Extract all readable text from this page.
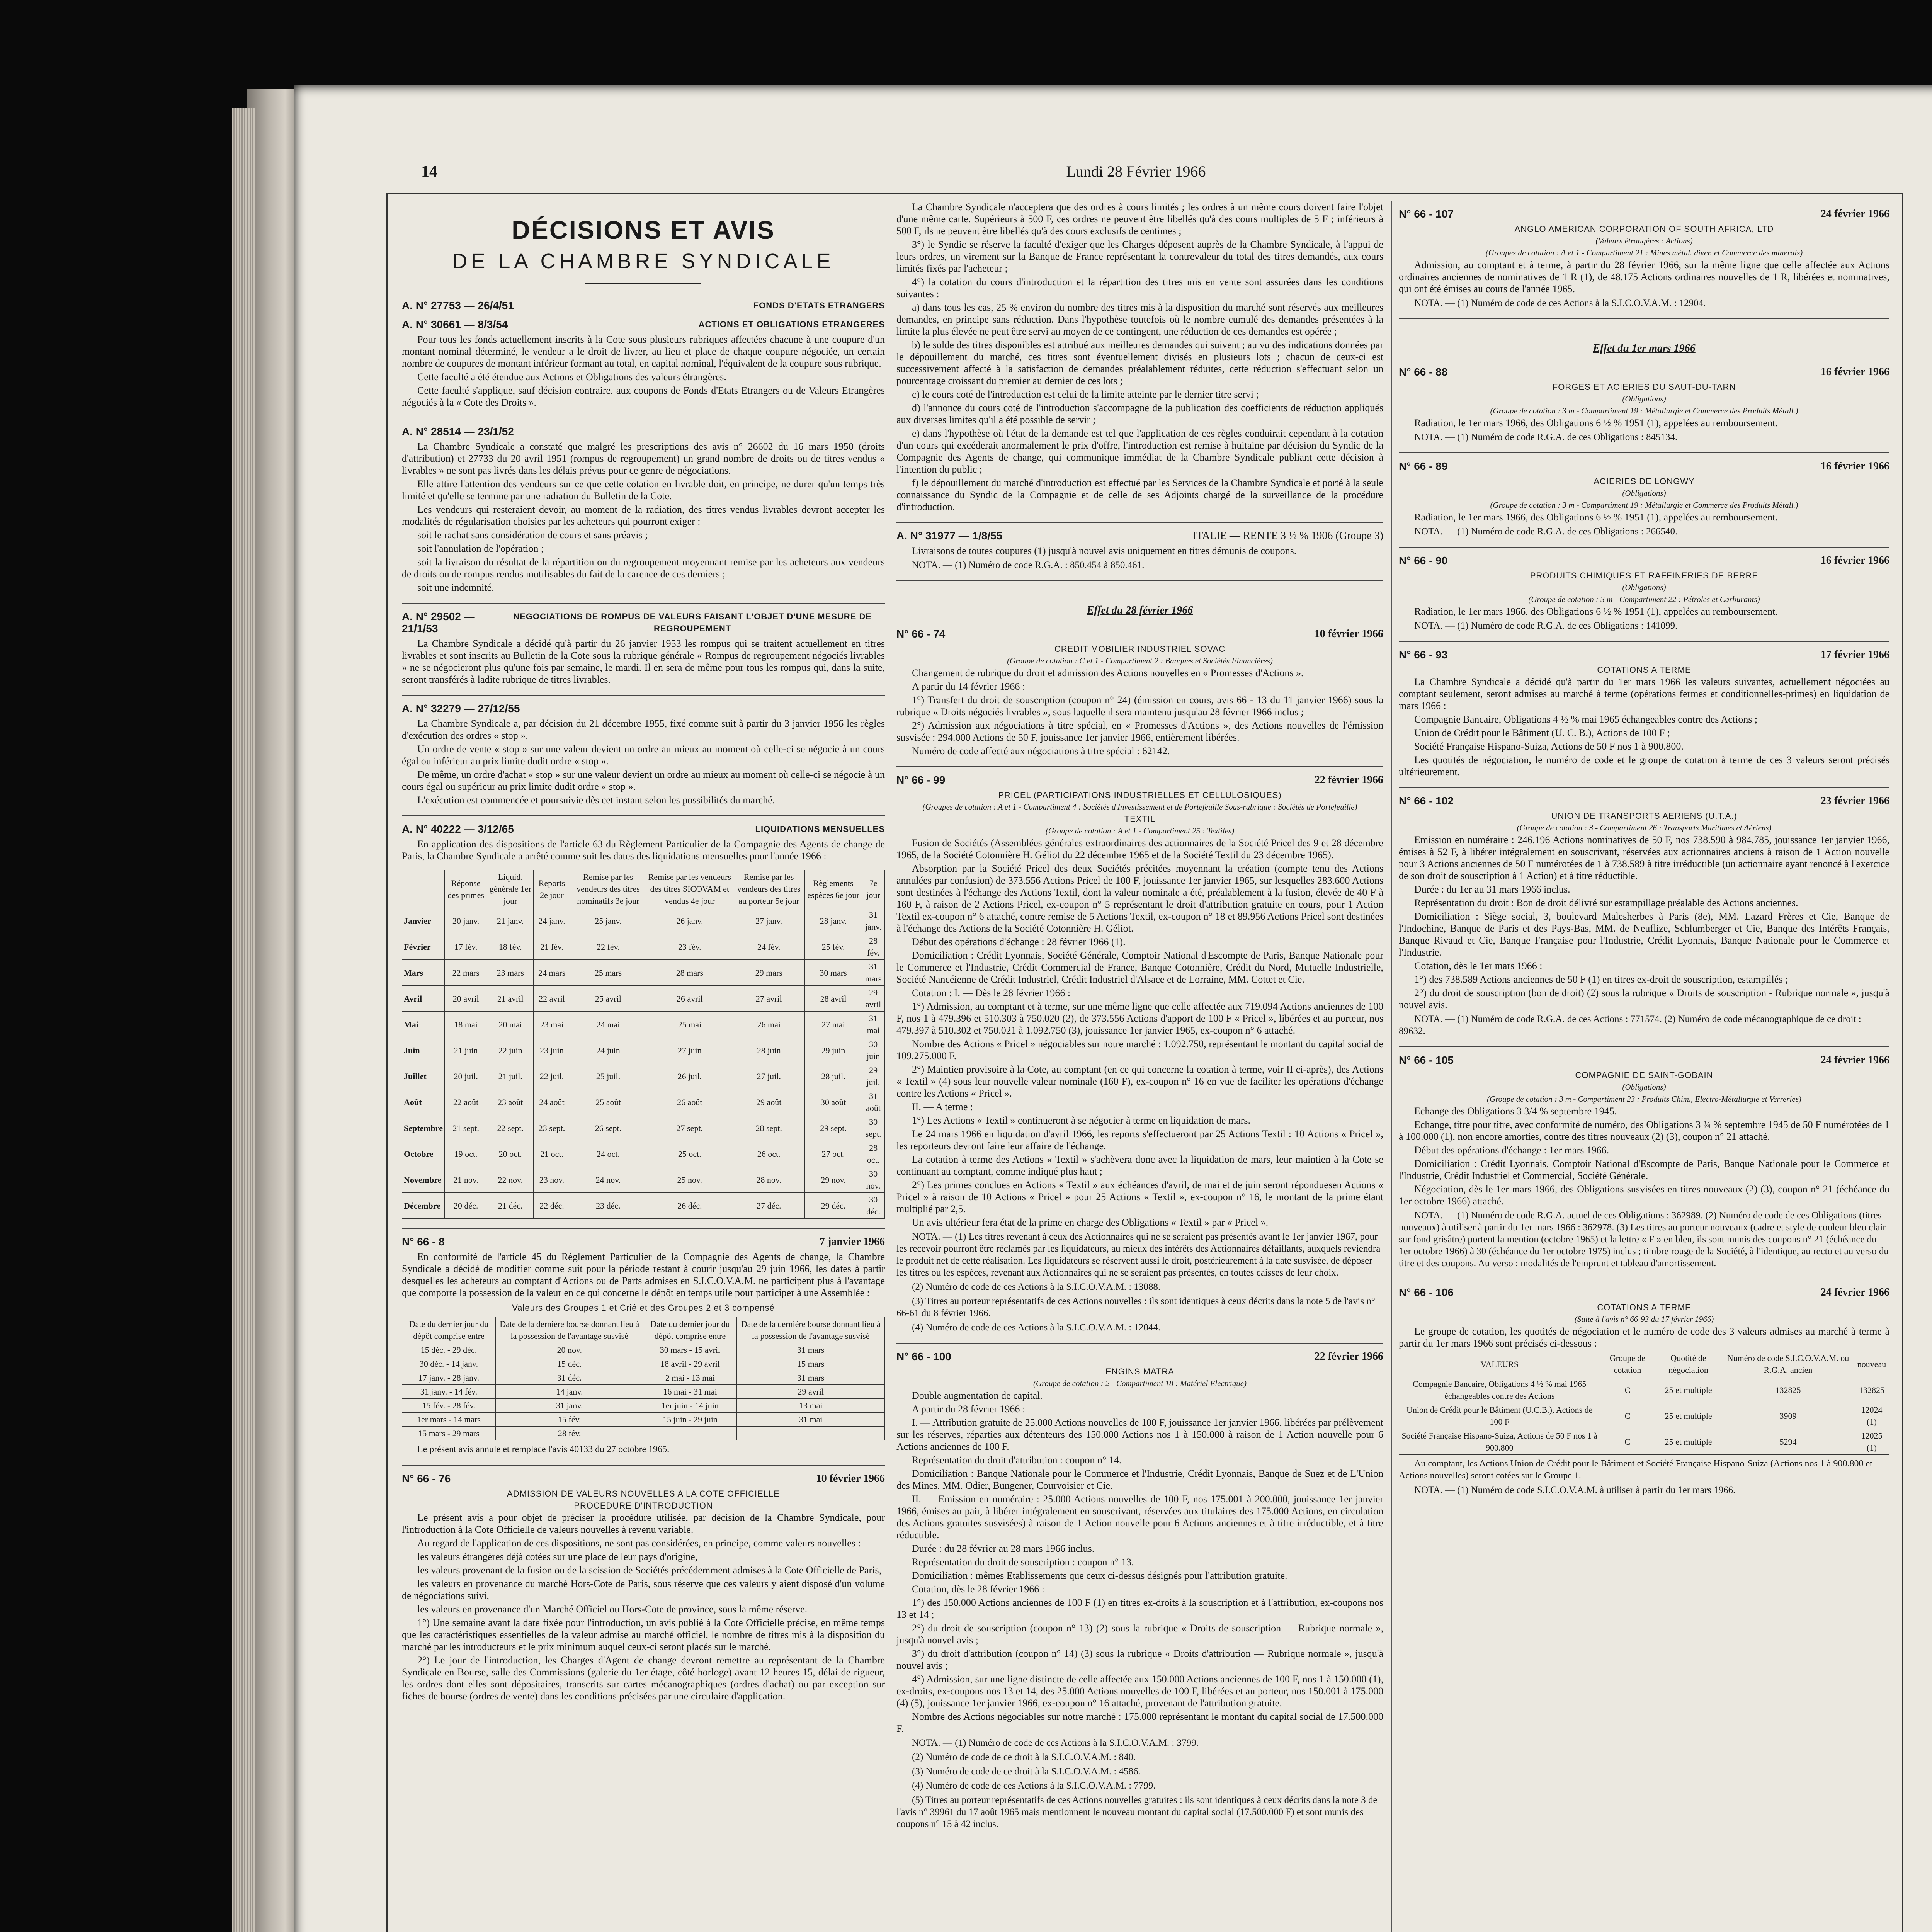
14	Lundi 28 Février 1966
DÉCISIONS ET AVIS
DE LA CHAMBRE SYNDICALE
A. N° 27753 — 26/4/51	FONDS D'ETATS ETRANGERS
A. N° 30661 — 8/3/54	ACTIONS ET OBLIGATIONS ETRANGERES

Pour tous les fonds actuellement inscrits à la Cote sous plusieurs rubriques affectées chacune à une coupure d'un montant nominal déterminé, le vendeur a le droit de livrer, au lieu et place de chaque coupure négociée, un certain nombre de coupures de montant inférieur formant au total, en capital nominal, l'équivalent de la coupure sous rubrique.

Cette faculté a été étendue aux Actions et Obligations des valeurs étrangères.

Cette faculté s'applique, sauf décision contraire, aux coupons de Fonds d'Etats Etrangers ou de Valeurs Etrangères négociés à la « Cote des Droits ».

A. N° 28514 — 23/1/52

La Chambre Syndicale a constaté que malgré les prescriptions des avis n° 26602 du 16 mars 1950 (droits d'attribution) et 27733 du 20 avril 1951 (rompus de regroupement) un grand nombre de droits ou de titres vendus « livrables » ne sont pas livrés dans les délais prévus pour ce genre de négociations.

Elle attire l'attention des vendeurs sur ce que cette cotation en livrable doit, en principe, ne durer qu'un temps très limité et qu'elle se termine par une radiation du Bulletin de la Cote.

Les vendeurs qui resteraient devoir, au moment de la radiation, des titres vendus livrables devront accepter les modalités de régularisation choisies par les acheteurs qui pourront exiger :

soit le rachat sans considération de cours et sans préavis ;

soit l'annulation de l'opération ;

soit la livraison du résultat de la répartition ou du regroupement moyennant remise par les acheteurs aux vendeurs de droits ou de rompus rendus inutilisables du fait de la carence de ces derniers ;

soit une indemnité.

A. N° 29502 — 21/1/53
NEGOCIATIONS DE ROMPUS DE VALEURS FAISANT L'OBJET D'UNE MESURE DE REGROUPEMENT

La Chambre Syndicale a décidé qu'à partir du 26 janvier 1953 les rompus qui se traitent actuellement en titres livrables et sont inscrits au Bulletin de la Cote sous la rubrique générale « Rompus de regroupement négociés livrables » ne se négocieront plus qu'une fois par semaine, le mardi. Il en sera de même pour tous les rompus qui, dans la suite, seront transférés à ladite rubrique de titres livrables.

A. N° 32279 — 27/12/55

La Chambre Syndicale a, par décision du 21 décembre 1955, fixé comme suit à partir du 3 janvier 1956 les règles d'exécution des ordres « stop ».

Un ordre de vente « stop » sur une valeur devient un ordre au mieux au moment où celle-ci se négocie à un cours égal ou inférieur au prix limite dudit ordre « stop ».

De même, un ordre d'achat « stop » sur une valeur devient un ordre au mieux au moment où celle-ci se négocie à un cours égal ou supérieur au prix limite dudit ordre « stop ».

L'exécution est commencée et poursuivie dès cet instant selon les possibilités du marché.

A. N° 40222 — 3/12/65	LIQUIDATIONS MENSUELLES

En application des dispositions de l'article 63 du Règlement Particulier de la Compagnie des Agents de change de Paris, la Chambre Syndicale a arrêté comme suit les dates des liquidations mensuelles pour l'année 1966 :

	Réponse des primes	Liquid. générale 1er jour	Reports 2e jour	Remise par les vendeurs des titres nominatifs 3e jour	Remise par les vendeurs des titres SICOVAM et vendus 4e jour	Remise par les vendeurs des titres au porteur 5e jour	Règlements espèces 6e jour	7e jour
Janvier	20 janv.	21 janv.	24 janv.	25 janv.	26 janv.	27 janv.	28 janv.	31 janv.
Février	17 fév.	18 fév.	21 fév.	22 fév.	23 fév.	24 fév.	25 fév.	28 fév.
Mars	22 mars	23 mars	24 mars	25 mars	28 mars	29 mars	30 mars	31 mars
Avril	20 avril	21 avril	22 avril	25 avril	26 avril	27 avril	28 avril	29 avril
Mai	18 mai	20 mai	23 mai	24 mai	25 mai	26 mai	27 mai	31 mai
Juin	21 juin	22 juin	23 juin	24 juin	27 juin	28 juin	29 juin	30 juin
Juillet	20 juil.	21 juil.	22 juil.	25 juil.	26 juil.	27 juil.	28 juil.	29 juil.
Août	22 août	23 août	24 août	25 août	26 août	29 août	30 août	31 août
Septembre	21 sept.	22 sept.	23 sept.	26 sept.	27 sept.	28 sept.	29 sept.	30 sept.
Octobre	19 oct.	20 oct.	21 oct.	24 oct.	25 oct.	26 oct.	27 oct.	28 oct.
Novembre	21 nov.	22 nov.	23 nov.	24 nov.	25 nov.	28 nov.	29 nov.	30 nov.
Décembre	20 déc.	21 déc.	22 déc.	23 déc.	26 déc.	27 déc.	29 déc.	30 déc.
N° 66 - 8	7 janvier 1966

En conformité de l'article 45 du Règlement Particulier de la Compagnie des Agents de change, la Chambre Syndicale a décidé de modifier comme suit pour la période restant à courir jusqu'au 29 juin 1966, les dates à partir desquelles les acheteurs au comptant d'Actions ou de Parts admises en S.I.C.O.V.A.M. ne participent plus à l'avantage que comporte la possession de la valeur en ce qui concerne le dépôt en temps utile pour participer à une Assemblée :

Valeurs des Groupes 1 et Crié et des Groupes 2 et 3 compensé
Date du dernier jour du dépôt comprise entre	Date de la dernière bourse donnant lieu à la possession de l'avantage susvisé	Date du dernier jour du dépôt comprise entre	Date de la dernière bourse donnant lieu à la possession de l'avantage susvisé
15 déc. - 29 déc.	20 nov.	30 mars - 15 avril	31 mars
30 déc. - 14 janv.	15 déc.	18 avril - 29 avril	15 mars
17 janv. - 28 janv.	31 déc.	2 mai - 13 mai	31 mars
31 janv. - 14 fév.	14 janv.	16 mai - 31 mai	29 avril
15 fév. - 28 fév.	31 janv.	1er juin - 14 juin	13 mai
1er mars - 14 mars	15 fév.	15 juin - 29 juin	31 mai
15 mars - 29 mars	28 fév.		
Le présent avis annule et remplace l'avis 40133 du 27 octobre 1965.
N° 66 - 76	10 février 1966
ADMISSION DE VALEURS NOUVELLES A LA COTE OFFICIELLE
PROCEDURE D'INTRODUCTION

Le présent avis a pour objet de préciser la procédure utilisée, par décision de la Chambre Syndicale, pour l'introduction à la Cote Officielle de valeurs nouvelles à revenu variable.

Au regard de l'application de ces dispositions, ne sont pas considérées, en principe, comme valeurs nouvelles :

les valeurs étrangères déjà cotées sur une place de leur pays d'origine,

les valeurs provenant de la fusion ou de la scission de Sociétés précédemment admises à la Cote Officielle de Paris,

les valeurs en provenance du marché Hors-Cote de Paris, sous réserve que ces valeurs y aient disposé d'un volume de négociations suivi,

les valeurs en provenance d'un Marché Officiel ou Hors-Cote de province, sous la même réserve.

1°) Une semaine avant la date fixée pour l'introduction, un avis publié à la Cote Officielle précise, en même temps que les caractéristiques essentielles de la valeur admise au marché officiel, le nombre de titres mis à la disposition du marché par les introducteurs et le prix minimum auquel ceux-ci seront placés sur le marché.

2°) Le jour de l'introduction, les Charges d'Agent de change devront remettre au représentant de la Chambre Syndicale en Bourse, salle des Commissions (galerie du 1er étage, côté horloge) avant 12 heures 15, délai de rigueur, les ordres dont elles sont dépositaires, transcrits sur cartes mécanographiques (ordres d'achat) ou par exception sur fiches de bourse (ordres de vente) dans les conditions précisées par une circulaire d'application.

La Chambre Syndicale n'acceptera que des ordres à cours limités ; les ordres à un même cours doivent faire l'objet d'une même carte. Supérieurs à 500 F, ces ordres ne peuvent être libellés qu'à des cours multiples de 5 F ; inférieurs à 500 F, ils ne peuvent être libellés qu'à des cours exclusifs de centimes ;

3°) le Syndic se réserve la faculté d'exiger que les Charges déposent auprès de la Chambre Syndicale, à l'appui de leurs ordres, un virement sur la Banque de France représentant la contrevaleur du total des titres demandés, aux cours limités fixés par l'acheteur ;

4°) la cotation du cours d'introduction et la répartition des titres mis en vente sont assurées dans les conditions suivantes :

a) dans tous les cas, 25 % environ du nombre des titres mis à la disposition du marché sont réservés aux meilleures demandes, en principe sans réduction. Dans l'hypothèse toutefois où le nombre cumulé des demandes présentées à la limite la plus élevée ne peut être servi au moyen de ce contingent, une réduction de ces demandes est opérée ;

b) le solde des titres disponibles est attribué aux meilleures demandes qui suivent ; au vu des indications données par le dépouillement du marché, ces titres sont éventuellement divisés en plusieurs lots ; chacun de ceux-ci est successivement affecté à la satisfaction de demandes préalablement réduites, cette réduction s'effectuant selon un pourcentage croissant du premier au dernier de ces lots ;

c) le cours coté de l'introduction est celui de la limite atteinte par le dernier titre servi ;

d) l'annonce du cours coté de l'introduction s'accompagne de la publication des coefficients de réduction appliqués aux diverses limites qu'il a été possible de servir ;

e) dans l'hypothèse où l'état de la demande est tel que l'application de ces règles conduirait cependant à la cotation d'un cours qui excéderait anormalement le prix d'offre, l'introduction est remise à huitaine par décision du Syndic de la Compagnie des Agents de change, qui communique immédiat de la Chambre Syndicale publiant cette décision à l'intention du public ;

f) le dépouillement du marché d'introduction est effectué par les Services de la Chambre Syndicale et porté à la seule connaissance du Syndic de la Compagnie et de celle de ses Adjoints chargé de la surveillance de la procédure d'introduction.

A. N° 31977 — 1/8/55	ITALIE — RENTE 3 ½ % 1906 (Groupe 3)

Livraisons de toutes coupures (1) jusqu'à nouvel avis uniquement en titres démunis de coupons.

NOTA. — (1) Numéro de code R.G.A. : 850.454 à 850.461.
Effet du 28 février 1966
N° 66 - 74	10 février 1966
CREDIT MOBILIER INDUSTRIEL SOVAC
(Groupe de cotation : C et 1 - Compartiment 2 : Banques et Sociétés Financières)

Changement de rubrique du droit et admission des Actions nouvelles en « Promesses d'Actions ».

A partir du 14 février 1966 :

1°) Transfert du droit de souscription (coupon n° 24) (émission en cours, avis 66 - 13 du 11 janvier 1966) sous la rubrique « Droits négociés livrables », sous laquelle il sera maintenu jusqu'au 28 février 1966 inclus ;

2°) Admission aux négociations à titre spécial, en « Promesses d'Actions », des Actions nouvelles de l'émission susvisée : 294.000 Actions de 50 F, jouissance 1er janvier 1966, entièrement libérées.

Numéro de code affecté aux négociations à titre spécial : 62142.

N° 66 - 99	22 février 1966
PRICEL (PARTICIPATIONS INDUSTRIELLES ET CELLULOSIQUES)
(Groupes de cotation : A et 1 - Compartiment 4 : Sociétés d'Investissement et de Portefeuille Sous-rubrique : Sociétés de Portefeuille)
TEXTIL
(Groupe de cotation : A et 1 - Compartiment 25 : Textiles)

Fusion de Sociétés (Assemblées générales extraordinaires des actionnaires de la Société Pricel des 9 et 28 décembre 1965, de la Société Cotonnière H. Géliot du 22 décembre 1965 et de la Société Textil du 23 décembre 1965).

Absorption par la Société Pricel des deux Sociétés précitées moyennant la création (compte tenu des Actions annulées par confusion) de 373.556 Actions Pricel de 100 F, jouissance 1er janvier 1965, sur lesquelles 283.600 Actions sont destinées à l'échange des Actions Textil, dont la valeur nominale a été, préalablement à la fusion, élevée de 40 F à 160 F, à raison de 2 Actions Pricel, ex-coupon n° 5 représentant le droit d'attribution gratuite en cours, pour 1 Action Textil ex-coupon n° 6 attaché, contre remise de 5 Actions Textil, ex-coupon n° 18 et 89.956 Actions Pricel sont destinées à l'échange des Actions de la Société Cotonnière H. Géliot.

Début des opérations d'échange : 28 février 1966 (1).

Domiciliation : Crédit Lyonnais, Société Générale, Comptoir National d'Escompte de Paris, Banque Nationale pour le Commerce et l'Industrie, Crédit Commercial de France, Banque Cotonnière, Crédit du Nord, Mutuelle Industrielle, Société Nancéienne de Crédit Industriel, Crédit Industriel d'Alsace et de Lorraine, MM. Cottet et Cie.

Cotation : I. — Dès le 28 février 1966 :

1°) Admission, au comptant et à terme, sur une même ligne que celle affectée aux 719.094 Actions anciennes de 100 F, nos 1 à 479.396 et 510.303 à 750.020 (2), de 373.556 Actions d'apport de 100 F « Pricel », libérées et au porteur, nos 479.397 à 510.302 et 750.021 à 1.092.750 (3), jouissance 1er janvier 1965, ex-coupon n° 6 attaché.

Nombre des Actions « Pricel » négociables sur notre marché : 1.092.750, représentant le montant du capital social de 109.275.000 F.

2°) Maintien provisoire à la Cote, au comptant (en ce qui concerne la cotation à terme, voir II ci-après), des Actions « Textil » (4) sous leur nouvelle valeur nominale (160 F), ex-coupon n° 16 en vue de faciliter les opérations d'échange contre les Actions « Pricel ».

II. — A terme :

1°) Les Actions « Textil » continueront à se négocier à terme en liquidation de mars.

Le 24 mars 1966 en liquidation d'avril 1966, les reports s'effectueront par 25 Actions Textil : 10 Actions « Pricel », les reporteurs devront faire leur affaire de l'échange.

La cotation à terme des Actions « Textil » s'achèvera donc avec la liquidation de mars, leur maintien à la Cote se continuant au comptant, comme indiqué plus haut ;

2°) Les primes conclues en Actions « Textil » aux échéances d'avril, de mai et de juin seront réponduesen Actions « Pricel » à raison de 10 Actions « Pricel » pour 25 Actions « Textil », ex-coupon n° 16, le montant de la prime étant multiplié par 2,5.

Un avis ultérieur fera état de la prime en charge des Obligations « Textil » par « Pricel ».

NOTA. — (1) Les titres revenant à ceux des Actionnaires qui ne se seraient pas présentés avant le 1er janvier 1967, pour les recevoir pourront être réclamés par les liquidateurs, au mieux des intérêts des Actionnaires défaillants, auxquels reviendra le produit net de cette réalisation. Les liquidateurs se réservent aussi le droit, postérieurement à la date susvisée, de déposer les titres ou les espèces, revenant aux Actionnaires qui ne se seraient pas présentés, en toutes caisses de leur choix.
(2) Numéro de code de ces Actions à la S.I.C.O.V.A.M. : 13088.
(3) Titres au porteur représentatifs de ces Actions nouvelles : ils sont identiques à ceux décrits dans la note 5 de l'avis n° 66-61 du 8 février 1966.
(4) Numéro de code de ces Actions à la S.I.C.O.V.A.M. : 12044.
N° 66 - 100	22 février 1966
ENGINS MATRA
(Groupe de cotation : 2 - Compartiment 18 : Matériel Electrique)

Double augmentation de capital.

A partir du 28 février 1966 :

I. — Attribution gratuite de 25.000 Actions nouvelles de 100 F, jouissance 1er janvier 1966, libérées par prélèvement sur les réserves, réparties aux détenteurs des 150.000 Actions nos 1 à 150.000 à raison de 1 Action nouvelle pour 6 Actions anciennes de 100 F.

Représentation du droit d'attribution : coupon n° 14.

Domiciliation : Banque Nationale pour le Commerce et l'Industrie, Crédit Lyonnais, Banque de Suez et de L'Union des Mines, MM. Odier, Bungener, Courvoisier et Cie.

II. — Emission en numéraire : 25.000 Actions nouvelles de 100 F, nos 175.001 à 200.000, jouissance 1er janvier 1966, émises au pair, à libérer intégralement en souscrivant, réservées aux titulaires des 175.000 Actions, en circulation des Actions gratuites susvisées) à raison de 1 Action nouvelle pour 6 Actions anciennes et à titre irréductible, et à titre réductible.

Durée : du 28 février au 28 mars 1966 inclus.

Représentation du droit de souscription : coupon n° 13.

Domiciliation : mêmes Etablissements que ceux ci-dessus désignés pour l'attribution gratuite.

Cotation, dès le 28 février 1966 :

1°) des 150.000 Actions anciennes de 100 F (1) en titres ex-droits à la souscription et à l'attribution, ex-coupons nos 13 et 14 ;

2°) du droit de souscription (coupon n° 13) (2) sous la rubrique « Droits de souscription — Rubrique normale », jusqu'à nouvel avis ;

3°) du droit d'attribution (coupon n° 14) (3) sous la rubrique « Droits d'attribution — Rubrique normale », jusqu'à nouvel avis ;

4°) Admission, sur une ligne distincte de celle affectée aux 150.000 Actions anciennes de 100 F, nos 1 à 150.000 (1), ex-droits, ex-coupons nos 13 et 14, des 25.000 Actions nouvelles de 100 F, libérées et au porteur, nos 150.001 à 175.000 (4) (5), jouissance 1er janvier 1966, ex-coupon n° 16 attaché, provenant de l'attribution gratuite.

Nombre des Actions négociables sur notre marché : 175.000 représentant le montant du capital social de 17.500.000 F.

NOTA. — (1) Numéro de code de ces Actions à la S.I.C.O.V.A.M. : 3799.
(2) Numéro de code de ce droit à la S.I.C.O.V.A.M. : 840.
(3) Numéro de code de ce droit à la S.I.C.O.V.A.M. : 4586.
(4) Numéro de code de ces Actions à la S.I.C.O.V.A.M. : 7799.
(5) Titres au porteur représentatifs de ces Actions nouvelles gratuites : ils sont identiques à ceux décrits dans la note 3 de l'avis n° 39961 du 17 août 1965 mais mentionnent le nouveau montant du capital social (17.500.000 F) et sont munis des coupons n° 15 à 42 inclus.
N° 66 - 107	24 février 1966
ANGLO AMERICAN CORPORATION OF SOUTH AFRICA, LTD
(Valeurs étrangères : Actions)
(Groupes de cotation : A et 1 - Compartiment 21 : Mines métal. diver. et Commerce des minerais)

Admission, au comptant et à terme, à partir du 28 février 1966, sur la même ligne que celle affectée aux Actions ordinaires anciennes de nominatives de 1 R (1), de 48.175 Actions ordinaires nouvelles de 1 R, libérées et nominatives, qui ont été émises au cours de l'année 1965.

NOTA. — (1) Numéro de code de ces Actions à la S.I.C.O.V.A.M. : 12904.
Effet du 1er mars 1966
N° 66 - 88	16 février 1966
FORGES ET ACIERIES DU SAUT-DU-TARN
(Obligations)
(Groupe de cotation : 3 m - Compartiment 19 : Métallurgie et Commerce des Produits Métall.)

Radiation, le 1er mars 1966, des Obligations 6 ½ % 1951 (1), appelées au remboursement.

NOTA. — (1) Numéro de code R.G.A. de ces Obligations : 845134.
N° 66 - 89	16 février 1966
ACIERIES DE LONGWY
(Obligations)
(Groupe de cotation : 3 m - Compartiment 19 : Métallurgie et Commerce des Produits Métall.)

Radiation, le 1er mars 1966, des Obligations 6 ½ % 1951 (1), appelées au remboursement.

NOTA. — (1) Numéro de code R.G.A. de ces Obligations : 266540.
N° 66 - 90	16 février 1966
PRODUITS CHIMIQUES ET RAFFINERIES DE BERRE
(Obligations)
(Groupe de cotation : 3 m - Compartiment 22 : Pétroles et Carburants)

Radiation, le 1er mars 1966, des Obligations 6 ½ % 1951 (1), appelées au remboursement.

NOTA. — (1) Numéro de code R.G.A. de ces Obligations : 141099.
N° 66 - 93	17 février 1966
COTATIONS A TERME

La Chambre Syndicale a décidé qu'à partir du 1er mars 1966 les valeurs suivantes, actuellement négociées au comptant seulement, seront admises au marché à terme (opérations fermes et conditionnelles-primes) en liquidation de mars 1966 :

Compagnie Bancaire, Obligations 4 ½ % mai 1965 échangeables contre des Actions ;

Union de Crédit pour le Bâtiment (U. C. B.), Actions de 100 F ;

Société Française Hispano-Suiza, Actions de 50 F nos 1 à 900.800.

Les quotités de négociation, le numéro de code et le groupe de cotation à terme de ces 3 valeurs seront précisés ultérieurement.

N° 66 - 102	23 février 1966
UNION DE TRANSPORTS AERIENS (U.T.A.)
(Groupe de cotation : 3 - Compartiment 26 : Transports Maritimes et Aériens)

Emission en numéraire : 246.196 Actions nominatives de 50 F, nos 738.590 à 984.785, jouissance 1er janvier 1966, émises à 52 F, à libérer intégralement en souscrivant, réservées aux actionnaires anciens à raison de 1 Action nouvelle pour 3 Actions anciennes de 50 F numérotées de 1 à 738.589 à titre irréductible (un actionnaire ayant renoncé à l'exercice de son droit de souscription à 1 Action) et à titre réductible.

Durée : du 1er au 31 mars 1966 inclus.

Représentation du droit : Bon de droit délivré sur estampillage préalable des Actions anciennes.

Domiciliation : Siège social, 3, boulevard Malesherbes à Paris (8e), MM. Lazard Frères et Cie, Banque de l'Indochine, Banque de Paris et des Pays-Bas, MM. de Neuflize, Schlumberger et Cie, Banque des Intérêts Français, Banque Rivaud et Cie, Banque Française pour l'Industrie, Crédit Lyonnais, Banque Nationale pour le Commerce et l'Industrie.

Cotation, dès le 1er mars 1966 :

1°) des 738.589 Actions anciennes de 50 F (1) en titres ex-droit de souscription, estampillés ;

2°) du droit de souscription (bon de droit) (2) sous la rubrique « Droits de souscription - Rubrique normale », jusqu'à nouvel avis.

NOTA. — (1) Numéro de code R.G.A. de ces Actions : 771574. (2) Numéro de code mécanographique de ce droit : 89632.
N° 66 - 105	24 février 1966
COMPAGNIE DE SAINT-GOBAIN
(Obligations)
(Groupe de cotation : 3 m - Compartiment 23 : Produits Chim., Electro-Métallurgie et Verreries)

Echange des Obligations 3 3/4 % septembre 1945.

Echange, titre pour titre, avec conformité de numéro, des Obligations 3 ¾ % septembre 1945 de 50 F numérotées de 1 à 100.000 (1), non encore amorties, contre des titres nouveaux (2) (3), coupon n° 21 attaché.

Début des opérations d'échange : 1er mars 1966.

Domiciliation : Crédit Lyonnais, Comptoir National d'Escompte de Paris, Banque Nationale pour le Commerce et l'Industrie, Crédit Industriel et Commercial, Société Générale.

Négociation, dès le 1er mars 1966, des Obligations susvisées en titres nouveaux (2) (3), coupon n° 21 (échéance du 1er octobre 1966) attaché.

NOTA. — (1) Numéro de code R.G.A. actuel de ces Obligations : 362989. (2) Numéro de code de ces Obligations (titres nouveaux) à utiliser à partir du 1er mars 1966 : 362978. (3) Les titres au porteur nouveaux (cadre et style de couleur bleu clair sur fond grisâtre) portent la mention (octobre 1965) et la lettre « F » en bleu, ils sont munis des coupons n° 21 (échéance du 1er octobre 1966) à 30 (échéance du 1er octobre 1975) inclus ; timbre rouge de la Société, à l'identique, au recto et au verso du titre et des coupons. Au verso : modalités de l'emprunt et tableau d'amortissement.
N° 66 - 106	24 février 1966
COTATIONS A TERME
(Suite à l'avis n° 66-93 du 17 février 1966)

Le groupe de cotation, les quotités de négociation et le numéro de code des 3 valeurs admises au marché à terme à partir du 1er mars 1966 sont précisés ci-dessous :

VALEURS	Groupe de cotation	Quotité de négociation	Numéro de code S.I.C.O.V.A.M. ou R.G.A. ancien	nouveau
Compagnie Bancaire, Obligations 4 ½ % mai 1965 échangeables contre des Actions	C	25 et multiple	132825	132825
Union de Crédit pour le Bâtiment (U.C.B.), Actions de 100 F	C	25 et multiple	3909	12024 (1)
Société Française Hispano-Suiza, Actions de 50 F nos 1 à 900.800	C	25 et multiple	5294	12025 (1)
Au comptant, les Actions Union de Crédit pour le Bâtiment et Société Française Hispano-Suiza (Actions nos 1 à 900.800 et Actions nouvelles) seront cotées sur le Groupe 1.
NOTA. — (1) Numéro de code S.I.C.O.V.A.M. à utiliser à partir du 1er mars 1966.
